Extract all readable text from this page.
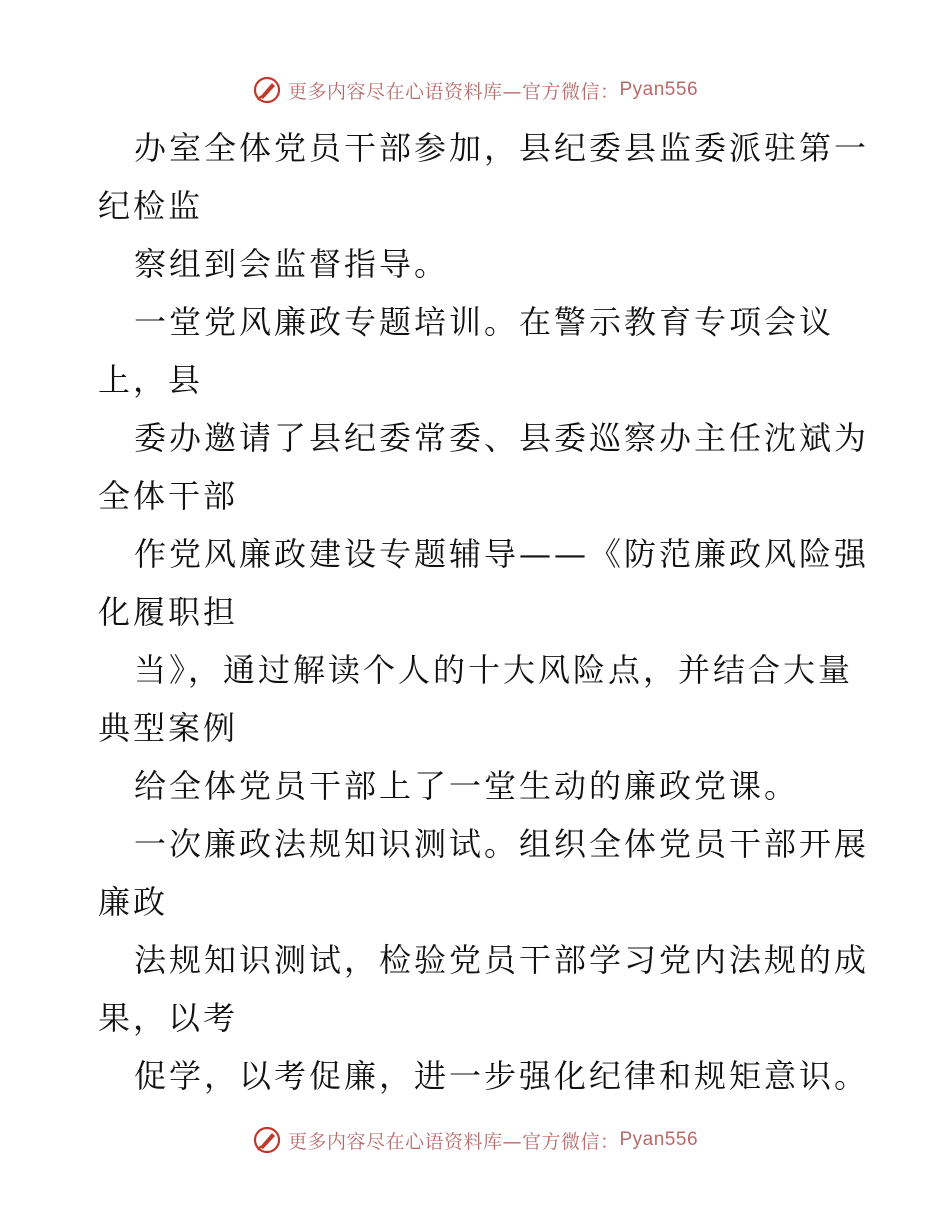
更多内容尽在心语资料库—官方微信： Pyan556
办室全体党员干部参加，县纪委县监委派驻第一
纪检监
察组到会监督指导。
一堂党风廉政专题培训。在警示教育专项会议
上，县
委办邀请了县纪委常委、县委巡察办主任沈斌为
全体干部
作党风廉政建设专题辅导——《防范廉政风险强
化履职担
当》，通过解读个人的十大风险点，并结合大量
典型案例
给全体党员干部上了一堂生动的廉政党课。
一次廉政法规知识测试。组织全体党员干部开展
廉政
法规知识测试，检验党员干部学习党内法规的成
果，以考
促学，以考促廉，进一步强化纪律和规矩意识。
更多内容尽在心语资料库—官方微信： Pyan556
